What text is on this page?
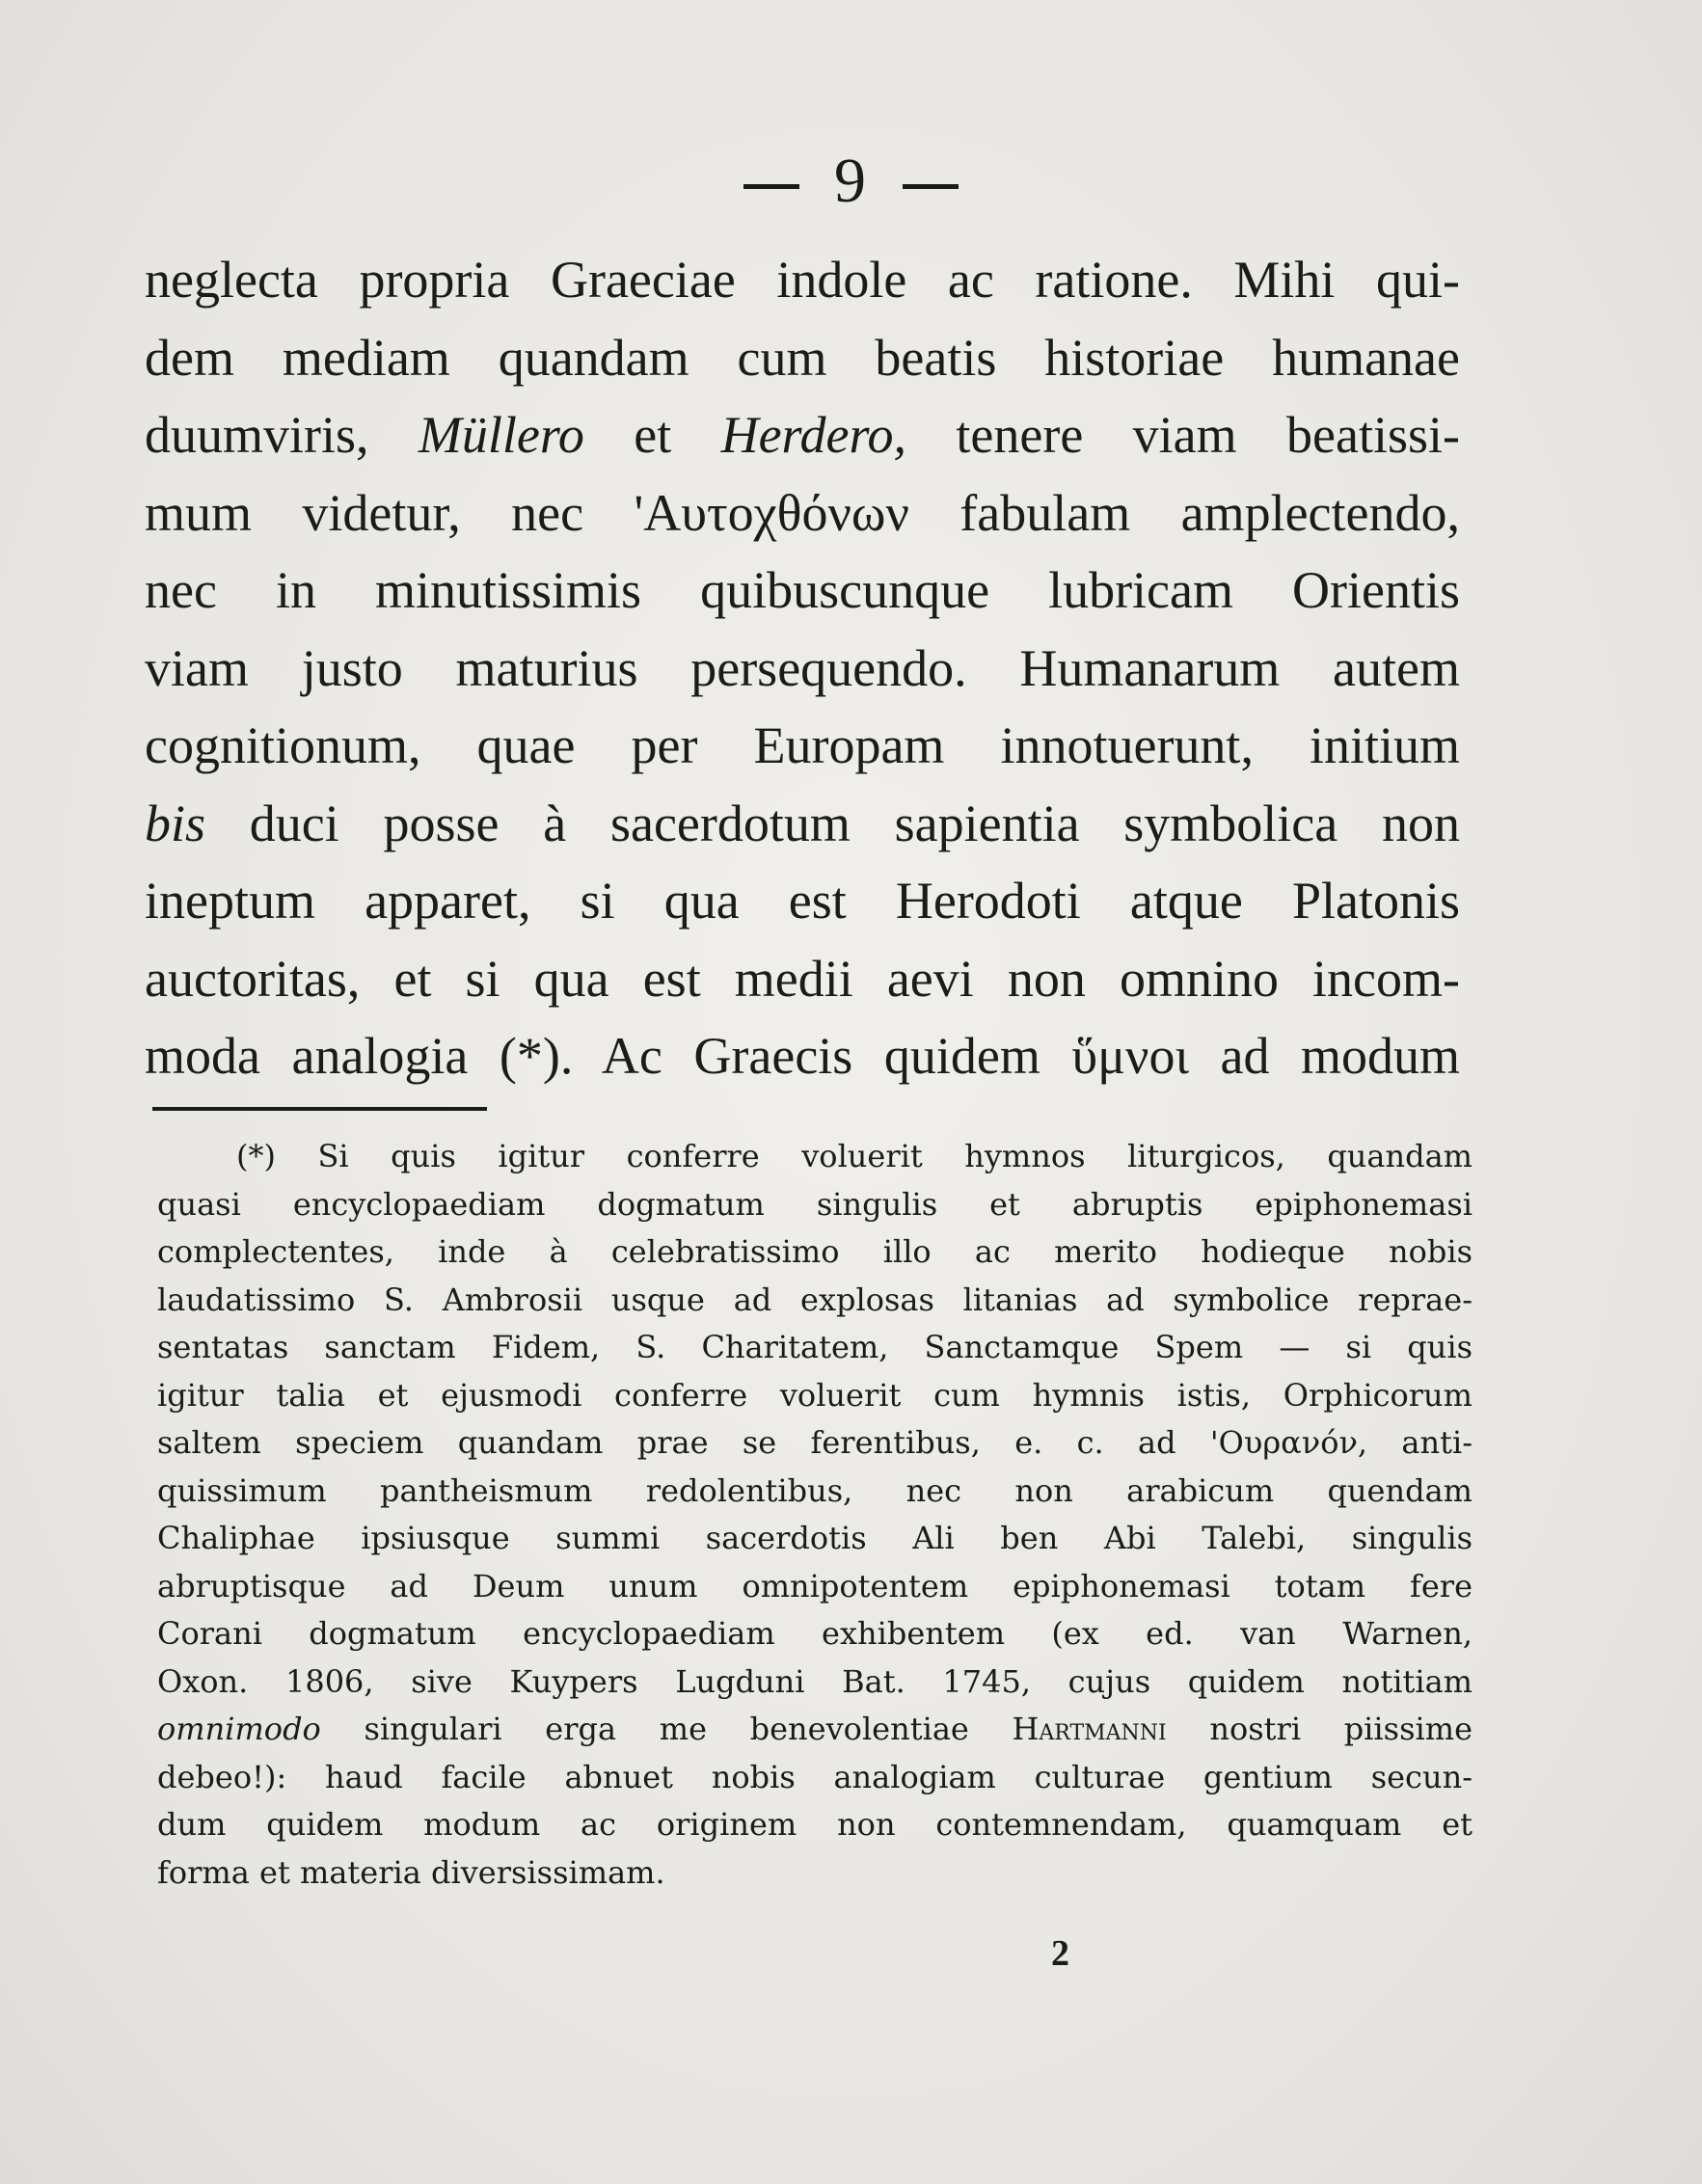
9
neglecta propria Graeciae indole ac ratione. Mihi qui-
dem mediam quandam cum beatis historiae humanae
duumviris, Müllero et Herdero, tenere viam beatissi-
mum videtur, nec 'Αυτοχθόνων fabulam amplectendo,
nec in minutissimis quibuscunque lubricam Orientis
viam justo maturius persequendo. Humanarum autem
cognitionum, quae per Europam innotuerunt, initium
bis duci posse à sacerdotum sapientia symbolica non
ineptum apparet, si qua est Herodoti atque Platonis
auctoritas, et si qua est medii aevi non omnino incom-
moda analogia (*). Ac Graecis quidem ὕμνοι ad modum
(*) Si quis igitur conferre voluerit hymnos liturgicos, quandam
quasi encyclopaediam dogmatum singulis et abruptis epiphonemasi
complectentes, inde à celebratissimo illo ac merito hodieque nobis
laudatissimo S. Ambrosii usque ad explosas litanias ad symbolice reprae-
sentatas sanctam Fidem, S. Charitatem, Sanctamque Spem — si quis
igitur talia et ejusmodi conferre voluerit cum hymnis istis, Orphicorum
saltem speciem quandam prae se ferentibus, e. c. ad 'Ουρανόν, anti-
quissimum pantheismum redolentibus, nec non arabicum quendam
Chaliphae ipsiusque summi sacerdotis Ali ben Abi Talebi, singulis
abruptisque ad Deum unum omnipotentem epiphonemasi totam fere
Corani dogmatum encyclopaediam exhibentem (ex ed. van Warnen,
Oxon. 1806, sive Kuypers Lugduni Bat. 1745, cujus quidem notitiam
omnimodo singulari erga me benevolentiae Hartmanni nostri piissime
debeo!): haud facile abnuet nobis analogiam culturae gentium secun-
dum quidem modum ac originem non contemnendam, quamquam et
forma et materia diversissimam.
2
